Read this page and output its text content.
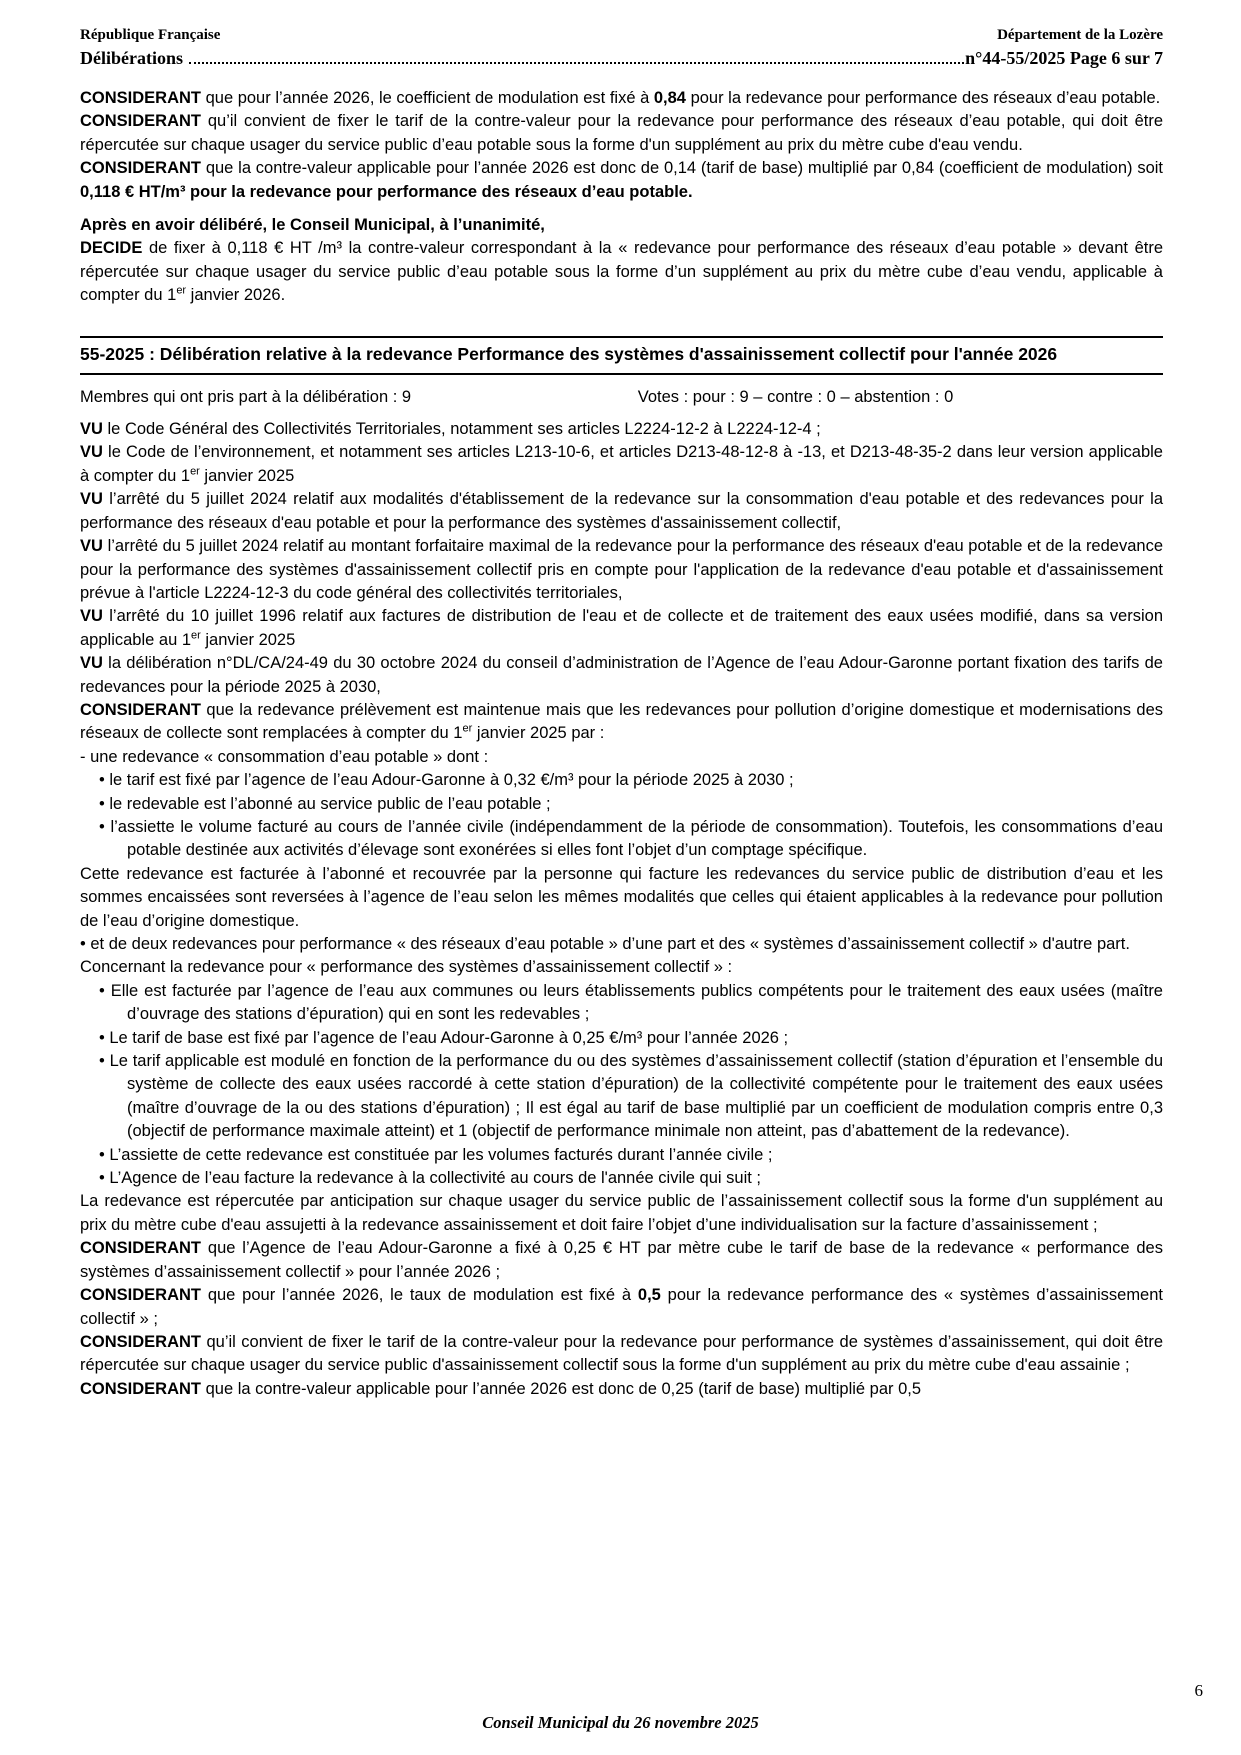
République Française	Département de la Lozère
Délibérations	n°44-55/2025 Page 6 sur 7

CONSIDERANT que pour l’année 2026, le coefficient de modulation est fixé à 0,84 pour la redevance pour performance des réseaux d’eau potable.

CONSIDERANT qu’il convient de fixer le tarif de la contre-valeur pour la redevance pour performance des réseaux d’eau potable, qui doit être répercutée sur chaque usager du service public d’eau potable sous la forme d'un supplément au prix du mètre cube d'eau vendu.

CONSIDERANT que la contre-valeur applicable pour l’année 2026 est donc de 0,14 (tarif de base) multiplié par 0,84 (coefficient de modulation) soit 0,118 € HT/m³ pour la redevance pour performance des réseaux d’eau potable.

Après en avoir délibéré, le Conseil Municipal, à l’unanimité,

DECIDE de fixer à 0,118 € HT /m³ la contre-valeur correspondant à la « redevance pour performance des réseaux d’eau potable » devant être répercutée sur chaque usager du service public d’eau potable sous la forme d’un supplément au prix du mètre cube d’eau vendu, applicable à compter du 1er janvier 2026.

55-2025 : Délibération relative à la redevance Performance des systèmes d'assainissement collectif pour l'année 2026

Membres qui ont pris part à la délibération : 9	Votes : pour : 9 – contre : 0 – abstention : 0

VU le Code Général des Collectivités Territoriales, notamment ses articles L2224-12-2 à L2224-12-4 ;

VU le Code de l’environnement, et notamment ses articles L213-10-6, et articles D213-48-12-8 à -13, et D213-48-35-2 dans leur version applicable à compter du 1er janvier 2025

VU l’arrêté du 5 juillet 2024 relatif aux modalités d'établissement de la redevance sur la consommation d'eau potable et des redevances pour la performance des réseaux d'eau potable et pour la performance des systèmes d'assainissement collectif,

VU l’arrêté du 5 juillet 2024 relatif au montant forfaitaire maximal de la redevance pour la performance des réseaux d'eau potable et de la redevance pour la performance des systèmes d'assainissement collectif pris en compte pour l'application de la redevance d'eau potable et d'assainissement prévue à l'article L2224-12-3 du code général des collectivités territoriales,

VU l’arrêté du 10 juillet 1996 relatif aux factures de distribution de l'eau et de collecte et de traitement des eaux usées modifié, dans sa version applicable au 1er janvier 2025

VU la délibération n°DL/CA/24-49 du 30 octobre 2024 du conseil d’administration de l’Agence de l’eau Adour-Garonne portant fixation des tarifs de redevances pour la période 2025 à 2030,

CONSIDERANT que la redevance prélèvement est maintenue mais que les redevances pour pollution d’origine domestique et modernisations des réseaux de collecte sont remplacées à compter du 1er janvier 2025 par :

- une redevance « consommation d’eau potable » dont :

• le tarif est fixé par l’agence de l’eau Adour-Garonne à 0,32 €/m³ pour la période 2025 à 2030 ;

• le redevable est l’abonné au service public de l’eau potable ;

• l’assiette le volume facturé au cours de l’année civile (indépendamment de la période de consommation). Toutefois, les consommations d’eau potable destinée aux activités d’élevage sont exonérées si elles font l’objet d’un comptage spécifique.

Cette redevance est facturée à l’abonné et recouvrée par la personne qui facture les redevances du service public de distribution d’eau et les sommes encaissées sont reversées à l’agence de l’eau selon les mêmes modalités que celles qui étaient applicables à la redevance pour pollution de l’eau d’origine domestique.

• et de deux redevances pour performance « des réseaux d’eau potable » d’une part et des « systèmes d’assainissement collectif » d'autre part.

Concernant la redevance pour « performance des systèmes d’assainissement collectif » :

• Elle est facturée par l’agence de l’eau aux communes ou leurs établissements publics compétents pour le traitement des eaux usées (maître d’ouvrage des stations d’épuration) qui en sont les redevables ;

• Le tarif de base est fixé par l’agence de l’eau Adour-Garonne à 0,25 €/m³ pour l’année 2026 ;

• Le tarif applicable est modulé en fonction de la performance du ou des systèmes d’assainissement collectif (station d’épuration et l’ensemble du système de collecte des eaux usées raccordé à cette station d’épuration) de la collectivité compétente pour le traitement des eaux usées (maître d’ouvrage de la ou des stations d’épuration) ; Il est égal au tarif de base multiplié par un coefficient de modulation compris entre 0,3 (objectif de performance maximale atteint) et 1 (objectif de performance minimale non atteint, pas d’abattement de la redevance).

• L’assiette de cette redevance est constituée par les volumes facturés durant l’année civile ;

• L’Agence de l’eau facture la redevance à la collectivité au cours de l'année civile qui suit ;

La redevance est répercutée par anticipation sur chaque usager du service public de l’assainissement collectif sous la forme d'un supplément au prix du mètre cube d'eau assujetti à la redevance assainissement et doit faire l’objet d’une individualisation sur la facture d’assainissement ;

CONSIDERANT que l’Agence de l’eau Adour-Garonne a fixé à 0,25 € HT par mètre cube le tarif de base de la redevance « performance des systèmes d’assainissement collectif » pour l’année 2026 ;

CONSIDERANT que pour l’année 2026, le taux de modulation est fixé à 0,5 pour la redevance performance des « systèmes d’assainissement collectif » ;

CONSIDERANT qu’il convient de fixer le tarif de la contre-valeur pour la redevance pour performance de systèmes d’assainissement, qui doit être répercutée sur chaque usager du service public d'assainissement collectif sous la forme d'un supplément au prix du mètre cube d'eau assainie ;

CONSIDERANT que la contre-valeur applicable pour l’année 2026 est donc de 0,25 (tarif de base) multiplié par 0,5

6
Conseil Municipal du 26 novembre 2025
